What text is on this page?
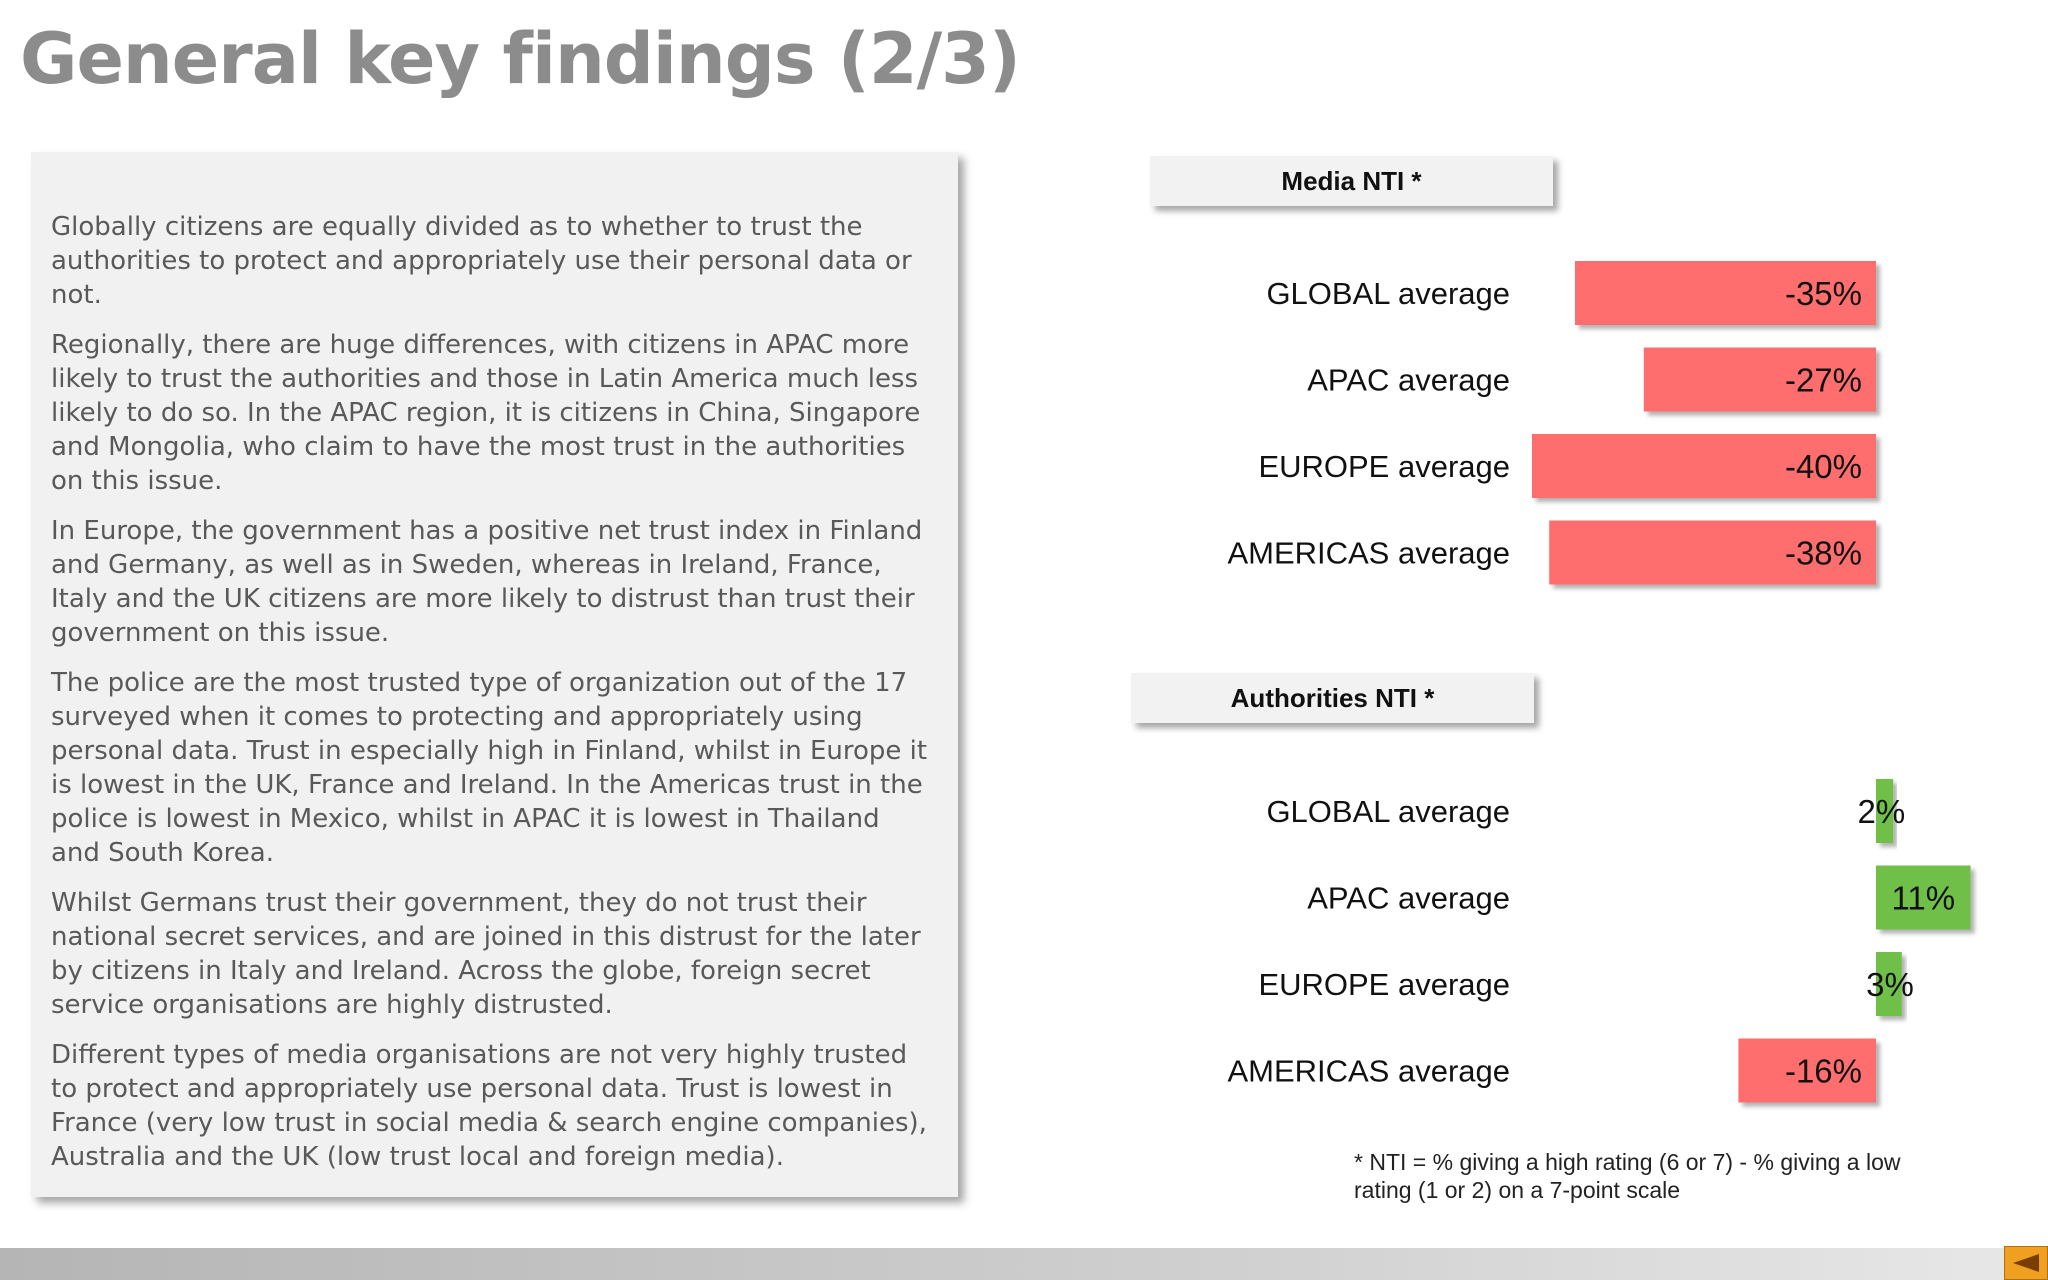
General key findings (2/3)

Globally citizens are equally divided as to whether to trust the authorities to protect and appropriately use their personal data or not.

Regionally, there are huge differences, with citizens in APAC more likely to trust the authorities and those in Latin America much less likely to do so. In the APAC region, it is citizens in China, Singapore and Mongolia, who claim to have the most trust in the authorities on this issue.

In Europe, the government has a positive net trust index in Finland and Germany, as well as in Sweden, whereas in Ireland, France, Italy and the UK citizens are more likely to distrust than trust their government on this issue.

The police are the most trusted type of organization out of the 17 surveyed when it comes to protecting and appropriately using personal data. Trust in especially high in Finland, whilst in Europe it is lowest in the UK, France and Ireland. In the Americas trust in the police is lowest in Mexico, whilst in APAC it is lowest in Thailand and South Korea.

Whilst Germans trust their government, they do not trust their national secret services, and are joined in this distrust for the later by citizens in Italy and Ireland. Across the globe, foreign secret service organisations are highly distrusted.

Different types of media organisations are not very highly trusted to protect and appropriately use personal data. Trust is lowest in France (very low trust in social media & search engine companies), Australia and the UK (low trust local and foreign media).

Media NTI *
Authorities NTI *
GLOBAL average	-35%
APAC average	-27%
EUROPE average	-40%
AMERICAS average	-38%
GLOBAL average	2%
APAC average	11%
EUROPE average	3%
AMERICAS average	-16%
* NTI = % giving a high rating (6 or 7) - % giving a low rating (1 or 2) on a 7-point scale
